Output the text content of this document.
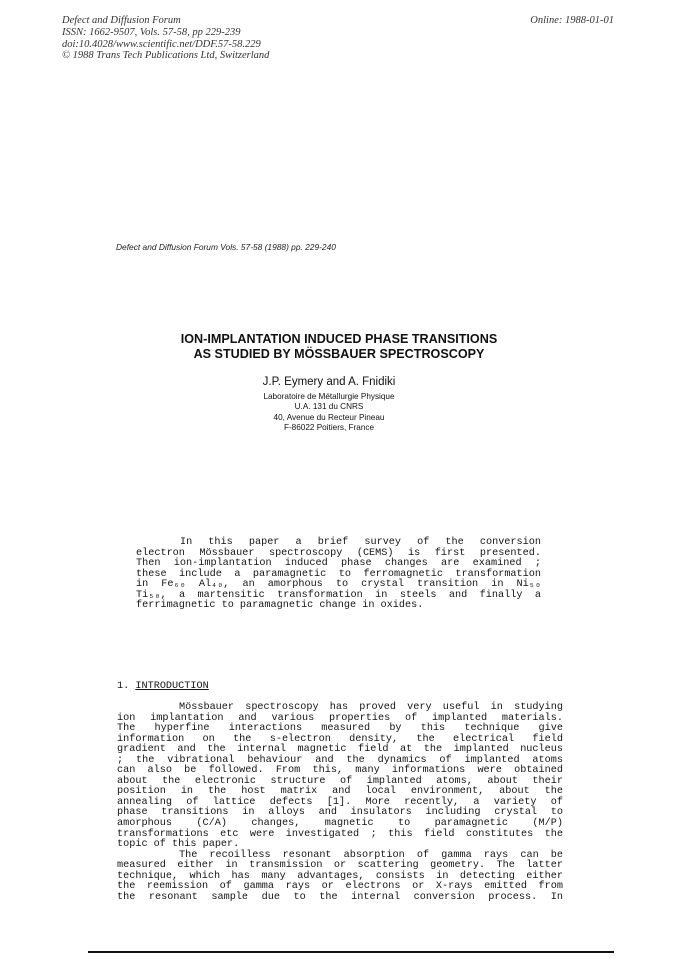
Defect and Diffusion Forum
ISSN: 1662-9507, Vols. 57-58, pp 229-239
doi:10.4028/www.scientific.net/DDF.57-58.229
© 1988 Trans Tech Publications Ltd, Switzerland
Online: 1988-01-01
Defect and Diffusion Forum Vols. 57-58 (1988) pp. 229-240
ION-IMPLANTATION INDUCED PHASE TRANSITIONS
AS STUDIED BY MÖSSBAUER SPECTROSCOPY
J.P. Eymery and A. Fnidiki
Laboratoire de Métallurgie Physique
U.A. 131 du CNRS
40, Avenue du Recteur Pineau
F-86022 Poitiers, France
In this paper a brief survey of the conversion
electron Mössbauer spectroscopy (CEMS) is first presented.
Then ion-implantation induced phase changes are examined ;
these include a paramagnetic to ferromagnetic transformation
in Fe₆₀ Al₄₀, an amorphous to crystal transition in Ni₅₀
Ti₅₀, a martensitic transformation in steels and finally a
ferrimagnetic to paramagnetic change in oxides.
1. INTRODUCTION
Mössbauer spectroscopy has proved very useful in studying
ion implantation and various properties of implanted materials.
The hyperfine interactions measured by this technique give
information on the s-electron density, the electrical field
gradient and the internal magnetic field at the implanted nucleus
; the vibrational behaviour and the dynamics of implanted atoms
can also be followed. From this, many informations were obtained
about the electronic structure of implanted atoms, about their
position in the host matrix and local environment, about the
annealing of lattice defects [1]. More recently, a variety of
phase transitions in alloys and insulators including crystal to
amorphous (C/A) changes, magnetic to paramagnetic (M/P)
transformations etc were investigated ; this field constitutes the
topic of this paper.
The recoilless resonant absorption of gamma rays can be
measured either in transmission or scattering geometry. The latter
technique, which has many advantages, consists in detecting either
the reemission of gamma rays or electrons or X-rays emitted from
the resonant sample due to the internal conversion process. In
